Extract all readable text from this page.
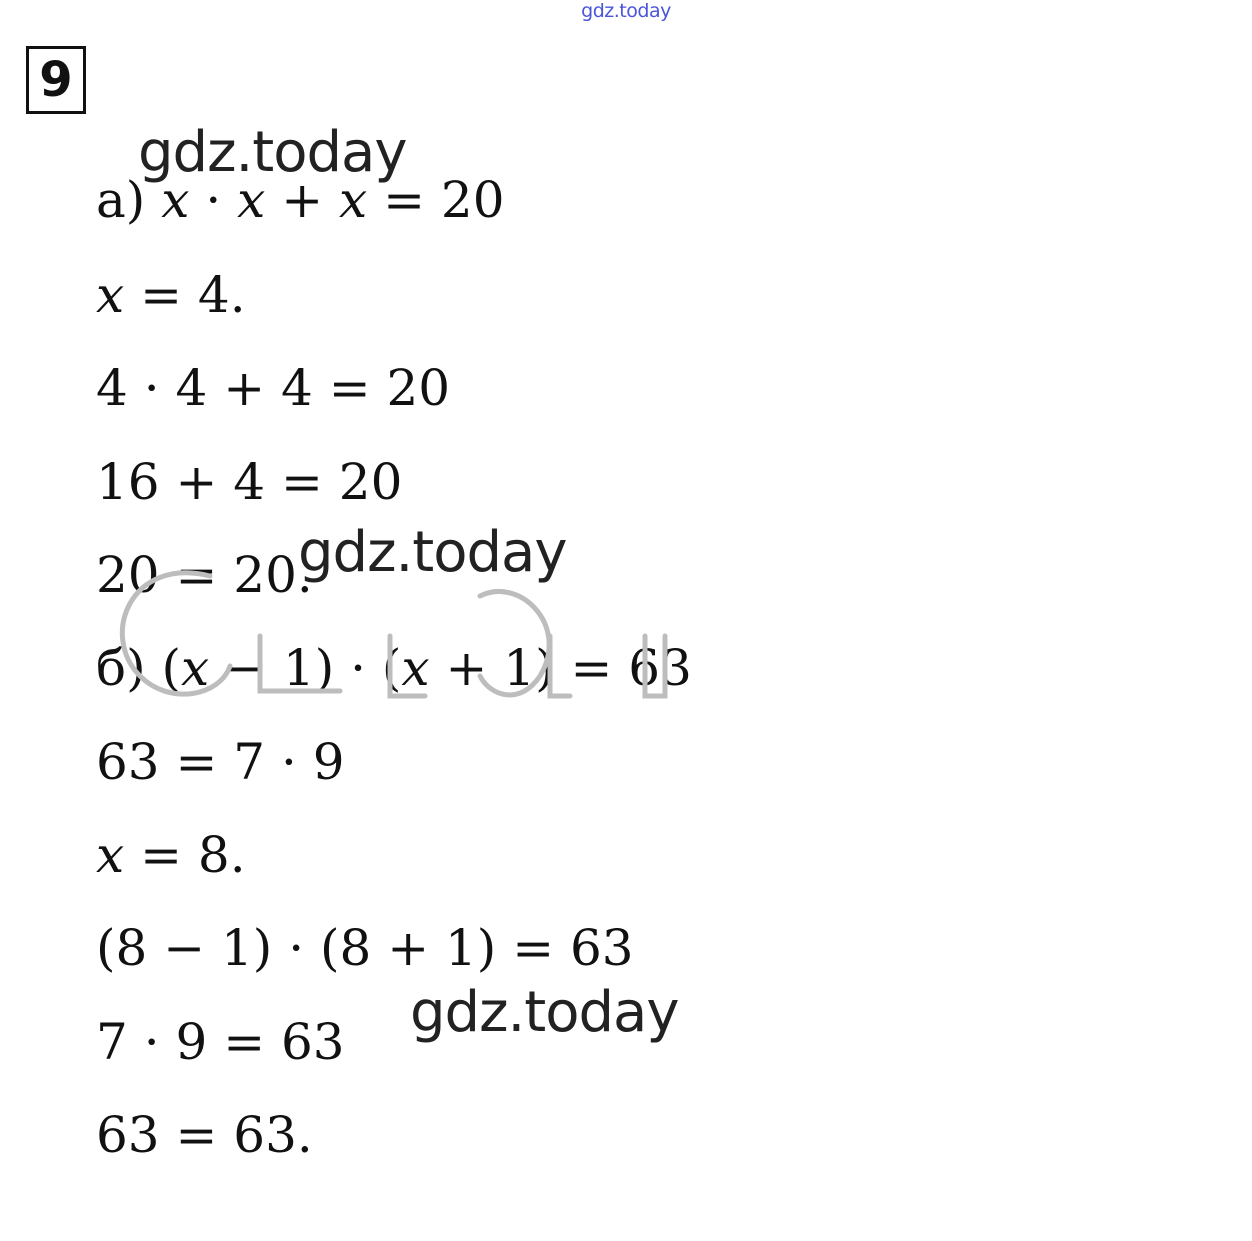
gdz.today
9
а) x · x + x = 20
x = 4.
4 · 4 + 4 = 20
16 + 4 = 20
20 = 20.
б) (x − 1) · (x + 1) = 63
63 = 7 · 9
x = 8.
(8 − 1) · (8 + 1) = 63
7 · 9 = 63
63 = 63.
gdz.today
gdz.today
gdz.today
